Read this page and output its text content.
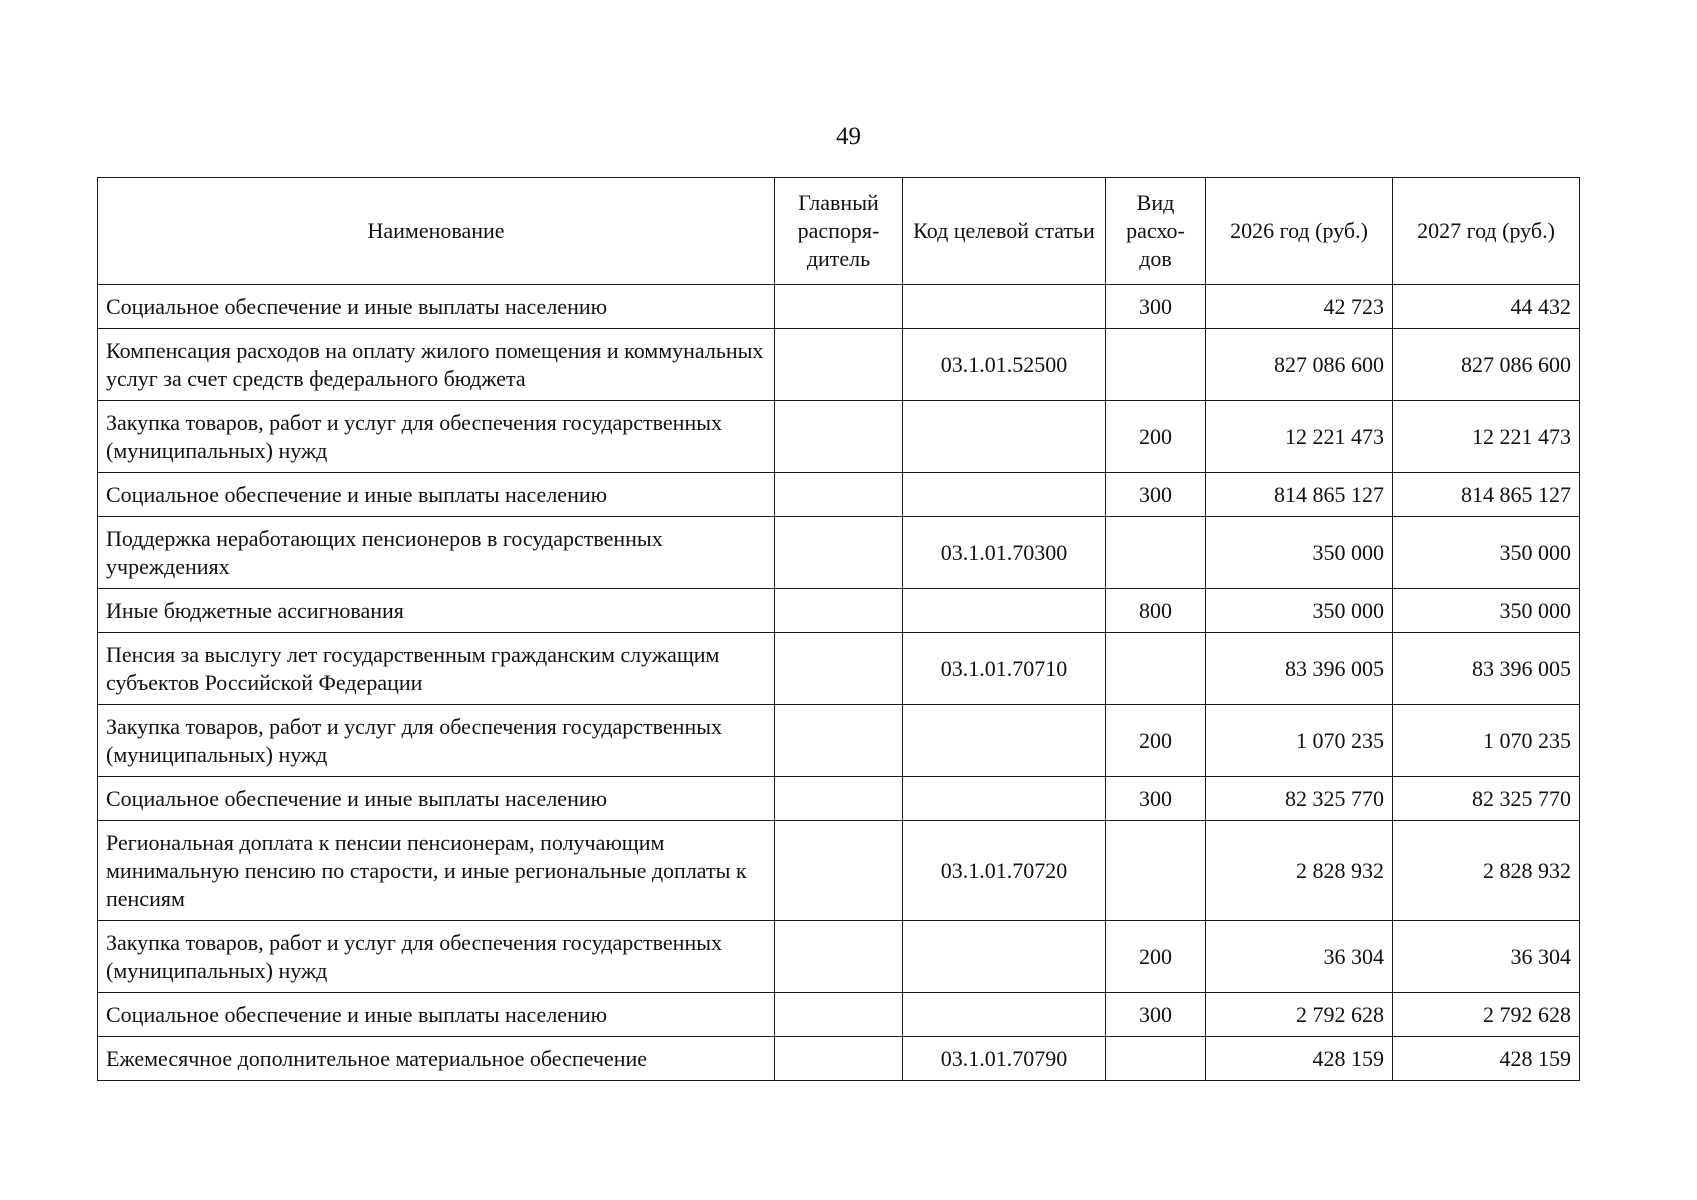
49
Наименование	Главный распоря-дитель	Код целевой статьи	Вид расхо-дов	2026 год (руб.)	2027 год (руб.)
Социальное обеспечение и иные выплаты населению			300	42 723	44 432
Компенсация расходов на оплату жилого помещения и коммунальных услуг за счет средств федерального бюджета		03.1.01.52500		827 086 600	827 086 600
Закупка товаров, работ и услуг для обеспечения государственных (муниципальных) нужд			200	12 221 473	12 221 473
Социальное обеспечение и иные выплаты населению			300	814 865 127	814 865 127
Поддержка неработающих пенсионеров в государственных учреждениях		03.1.01.70300		350 000	350 000
Иные бюджетные ассигнования			800	350 000	350 000
Пенсия за выслугу лет государственным гражданским служащим субъектов Российской Федерации		03.1.01.70710		83 396 005	83 396 005
Закупка товаров, работ и услуг для обеспечения государственных (муниципальных) нужд			200	1 070 235	1 070 235
Социальное обеспечение и иные выплаты населению			300	82 325 770	82 325 770
Региональная доплата к пенсии пенсионерам, получающим минимальную пенсию по старости, и иные региональные доплаты к пенсиям		03.1.01.70720		2 828 932	2 828 932
Закупка товаров, работ и услуг для обеспечения государственных (муниципальных) нужд			200	36 304	36 304
Социальное обеспечение и иные выплаты населению			300	2 792 628	2 792 628
Ежемесячное дополнительное материальное обеспечение		03.1.01.70790		428 159	428 159
